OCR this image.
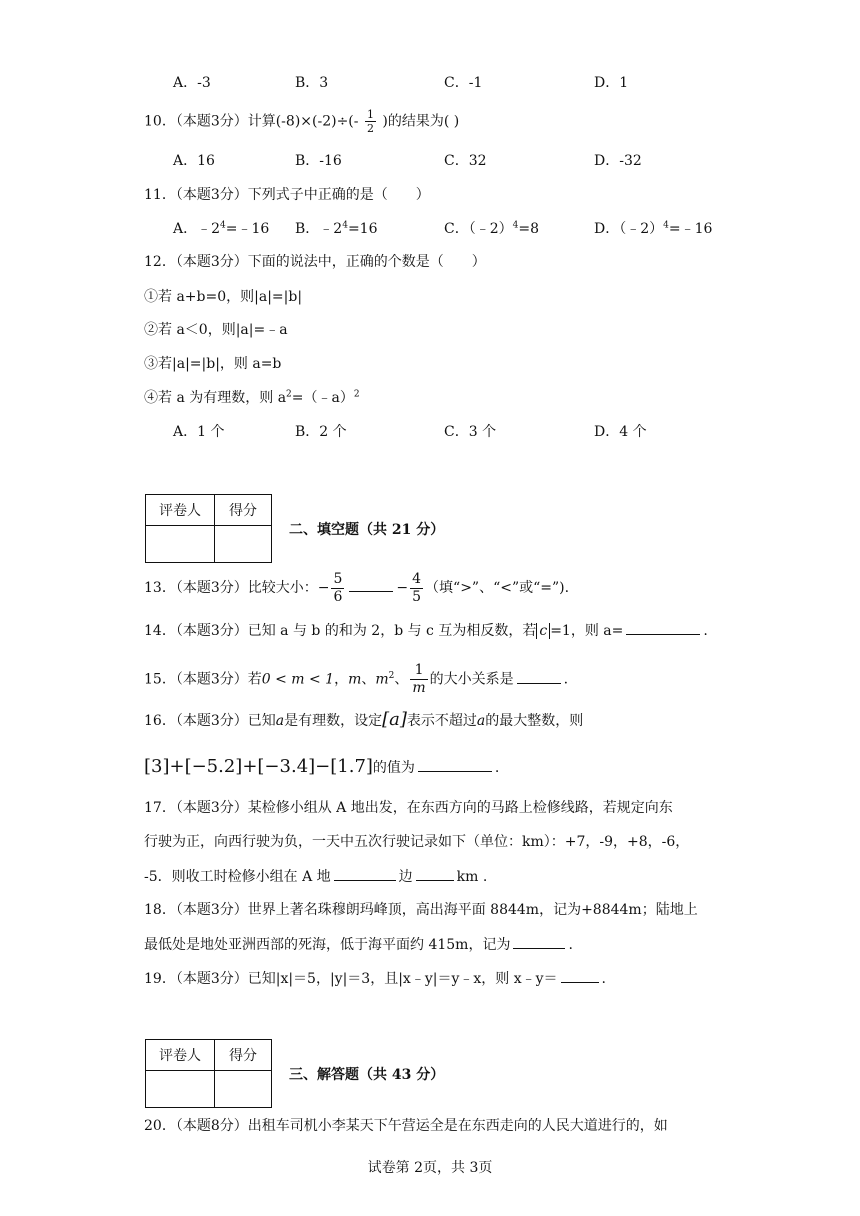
A．-3	B．3	C．-1	D．1
10．（本题3分）计算$(-8)\times(-2)\div(- \frac{1}{2}$ )的结果为( )
A．16	B．-16	C．32	D．-32
11．（本题3分）下列式子中正确的是（　　）
A．$﹣2^4=﹣16$ B．$﹣2^4=16$	C．（﹣2）$^4$=8	D．（﹣2）$^4$=﹣16
12．（本题3分）下面的说法中，正确的个数是（　　）
①若 a+b=0，则|a|=|b|
②若 a＜0，则|a|=﹣a
③若|a|=|b|，则 a=b
④若 a 为有理数，则 $a^2=(﹣a)^2$
A．1 个	B．2 个	C．3 个	D．4 个
评卷人	得分

二、填空题（共 21 分）
13．（本题3分）比较大小：− $\frac{5}{6}$	− $\frac{4}{5}$ （填“>”、“<”或“=”).
14．（本题3分）已知 a 与 b 的和为 2，b 与 c 互为相反数，若 c =1，则 a=	.
15．（本题3分）若0 < m < 1，m、$m^2$、 $\frac{1}{m}$ 的大小关系是	.
16．（本题3分）已知a是有理数，设定[a]表示不超过a的最大整数，则
[3]+[−5.2]+[−3.4]−[1.7]的值为	.
17．（本题3分）某检修小组从 A 地出发，在东西方向的马路上检修线路，若规定向东
行驶为正，向西行驶为负，一天中五次行驶记录如下（单位：km）：+7，-9，+8，-6，
-5．则收工时检修小组在 A 地	边	km .
18．（本题3分）世界上著名珠穆朗玛峰顶，高出海平面 8844m，记为+8844m；陆地上
最低处是地处亚洲西部的死海，低于海平面约 415m，记为	.
19．（本题3分）已知|x|＝5，|y|＝3，且|x﹣y|＝y﹣x，则 x﹣y＝	.
评卷人	得分

三、解答题（共 43 分）
20．（本题8分）出租车司机小李某天下午营运全是在东西走向的人民大道进行的，如
试卷第 2页，共 3页
